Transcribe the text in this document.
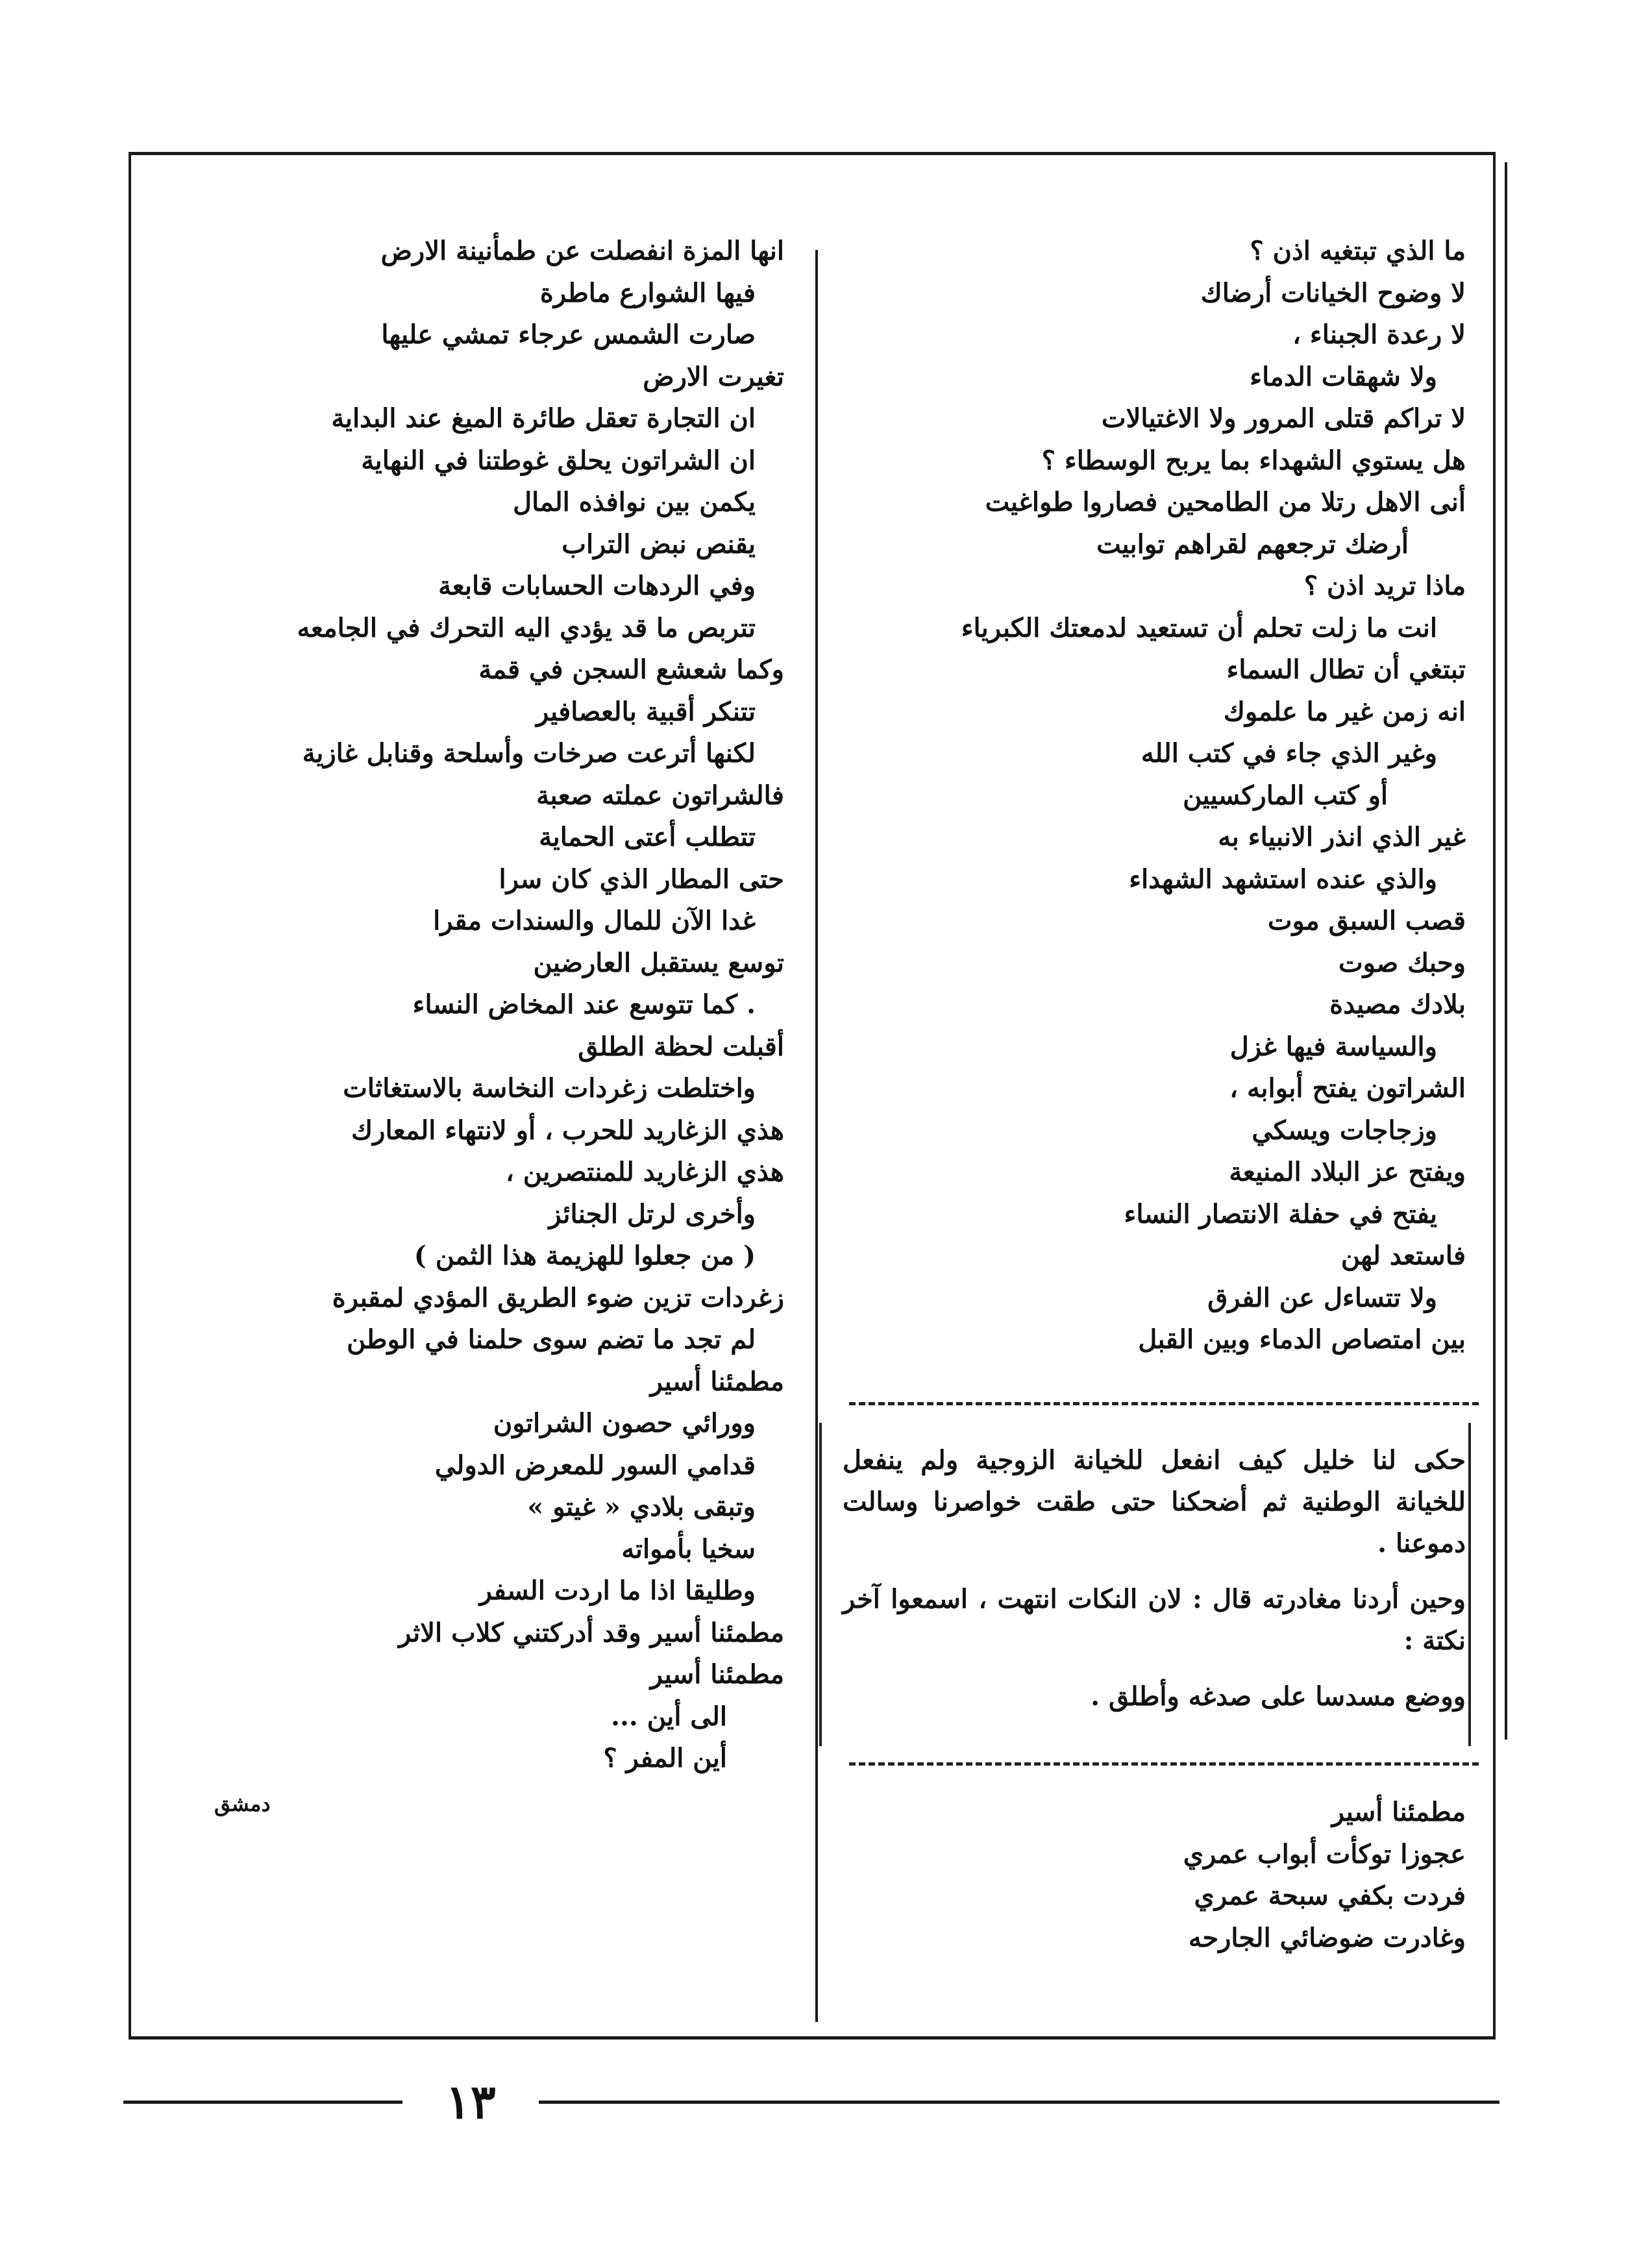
ما الذي تبتغيه اذن ؟
لا وضوح الخيانات أرضاك
لا رعدة الجبناء ،
ولا شهقات الدماء
لا تراكم قتلى المرور ولا الاغتيالات
هل يستوي الشهداء بما يربح الوسطاء ؟
أنى الاهل رتلا من الطامحين فصاروا طواغيت
أرضك ترجعهم لقراهم توابيت
ماذا تريد اذن ؟
انت ما زلت تحلم أن تستعيد لدمعتك الكبرياء
تبتغي أن تطال السماء
انه زمن غير ما علموك
وغير الذي جاء في كتب الله
أو كتب الماركسيين
غير الذي انذر الانبياء به
والذي عنده استشهد الشهداء
قصب السبق موت
وحبك صوت
بلادك مصيدة
والسياسة فيها غزل
الشراتون يفتح أبوابه ،
وزجاجات ويسكي
ويفتح عز البلاد المنيعة
يفتح في حفلة الانتصار النساء
فاستعد لهن
ولا تتساءل عن الفرق
بين امتصاص الدماء وبين القبل

حكى لنا خليل كيف انفعل للخيانة الزوجية ولم ينفعل للخيانة الوطنية ثم أضحكنا حتى طقت خواصرنا وسالت دموعنا .

وحين أردنا مغادرته قال : لان النكات انتهت ، اسمعوا آخر نكتة :

ووضع مسدسا على صدغه وأطلق .

مطمئنا أسير
عجوزا توكأت أبواب عمري
فردت بكفي سبحة عمري
وغادرت ضوضائي الجارحه
انها المزة انفصلت عن طمأنينة الارض
فيها الشوارع ماطرة
صارت الشمس عرجاء تمشي عليها
تغيرت الارض
ان التجارة تعقل طائرة الميغ عند البداية
ان الشراتون يحلق غوطتنا في النهاية
يكمن بين نوافذه المال
يقنص نبض التراب
وفي الردهات الحسابات قابعة
تتربص ما قد يؤدي اليه التحرك في الجامعه
وكما شعشع السجن في قمة
تتنكر أقبية بالعصافير
لكنها أترعت صرخات وأسلحة وقنابل غازية
فالشراتون عملته صعبة
تتطلب أعتى الحماية
حتى المطار الذي كان سرا
غدا الآن للمال والسندات مقرا
توسع يستقبل العارضين
. كما تتوسع عند المخاض النساء
أقبلت لحظة الطلق
واختلطت زغردات النخاسة بالاستغاثات
هذي الزغاريد للحرب ، أو لانتهاء المعارك
هذي الزغاريد للمنتصرين ،
وأخرى لرتل الجنائز
( من جعلوا للهزيمة هذا الثمن )
زغردات تزين ضوء الطريق المؤدي لمقبرة
لم تجد ما تضم سوى حلمنا في الوطن
مطمئنا أسير
وورائي حصون الشراتون
قدامي السور للمعرض الدولي
وتبقى بلادي « غيتو »
سخيا بأمواته
وطليقا اذا ما اردت السفر
مطمئنا أسير وقد أدركتني كلاب الاثر
مطمئنا أسير
الى أين ...
أين المفر ؟
دمشق
١٣
